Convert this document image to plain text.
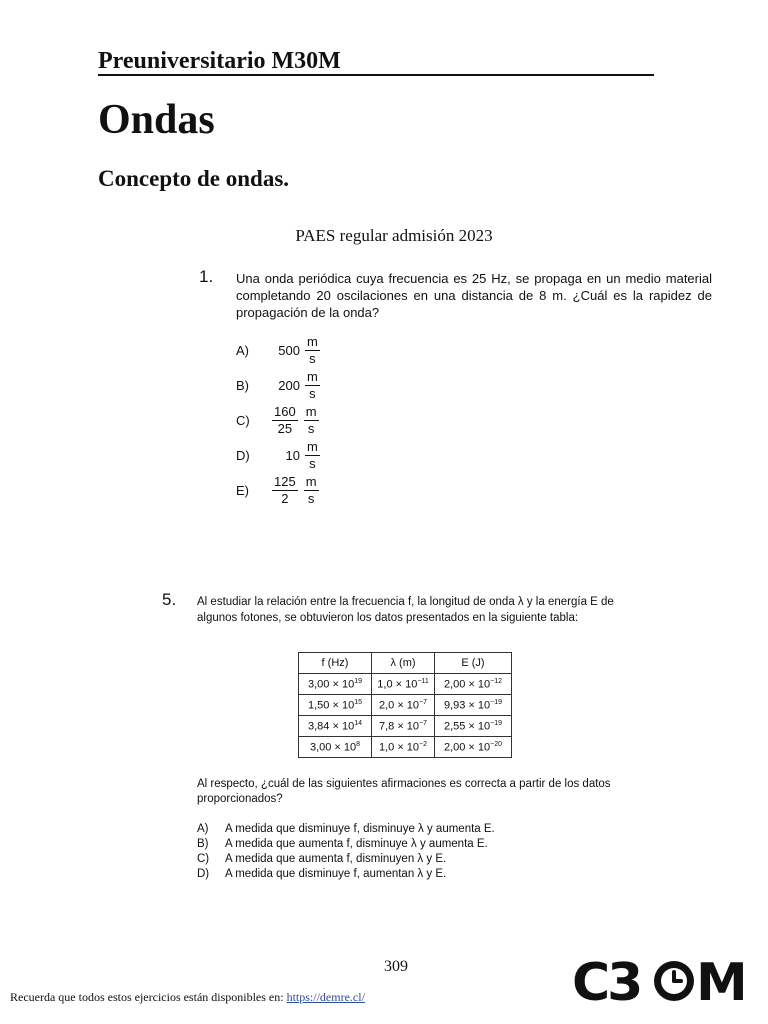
Preuniversitario M30M
Ondas
Concepto de ondas.
PAES regular admisión 2023
1. Una onda periódica cuya frecuencia es 25 Hz, se propaga en un medio material completando 20 oscilaciones en una distancia de 8 m. ¿Cuál es la rapidez de propagación de la onda?
A)	$500 \frac{m}{s}$
B)	$200 \frac{m}{s}$
C)	$\frac{160}{25} \frac{m}{s}$
D)	$10 \frac{m}{s}$
E)	$\frac{125}{2} \frac{m}{s}$
5. Al estudiar la relación entre la frecuencia f, la longitud de onda λ y la energía E de algunos fotones, se obtuvieron los datos presentados en la siguiente tabla:
f (Hz)	λ (m)	E (J)
$3,00 \times 10^{19}$	$1,0 \times 10^{-11}$	$2,00 \times 10^{-12}$
$1,50 \times 10^{15}$	$2,0 \times 10^{-7}$	$9,93 \times 10^{-19}$
$3,84 \times 10^{14}$	$7,8 \times 10^{-7}$	$2,55 \times 10^{-19}$
$3,00 \times 10^8$	$1,0 \times 10^{-2}$	$2,00 \times 10^{-20}$
Al respecto, ¿cuál de las siguientes afirmaciones es correcta a partir de los datos proporcionados?
A)	A medida que disminuye f, disminuye λ y aumenta E.
B)	A medida que aumenta f, disminuye λ y aumenta E.
C)	A medida que aumenta f, disminuyen λ y E.
D)	A medida que disminuye f, aumentan λ y E.
309
Recuerda que todos estos ejercicios están disponibles en: https://demre.cl/	C3 M
